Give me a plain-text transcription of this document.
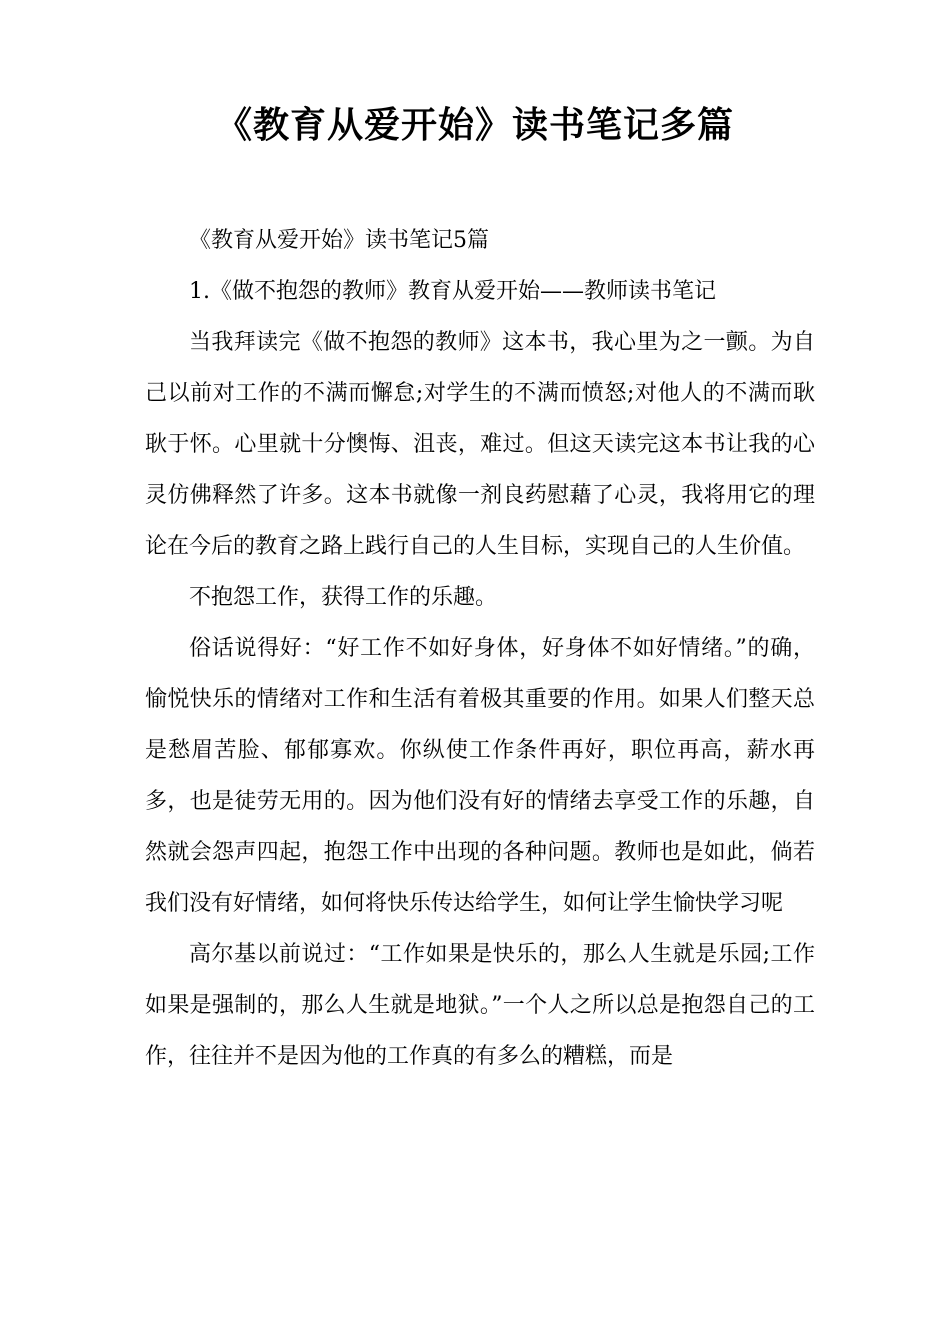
《教育从爱开始》读书笔记多篇

《教育从爱开始》读书笔记5篇

1.《做不抱怨的教师》教育从爱开始——教师读书笔记

当我拜读完《做不抱怨的教师》这本书，我心里为之一颤。为自己以前对工作的不满而懈怠;对学生的不满而愤怒;对他人的不满而耿耿于怀。心里就十分懊悔、沮丧，难过。但这天读完这本书让我的心灵仿佛释然了许多。这本书就像一剂良药慰藉了心灵，我将用它的理论在今后的教育之路上践行自己的人生目标，实现自己的人生价值。

不抱怨工作，获得工作的乐趣。

俗话说得好：“好工作不如好身体，好身体不如好情绪。”的确，愉悦快乐的情绪对工作和生活有着极其重要的作用。如果人们整天总是愁眉苦脸、郁郁寡欢。你纵使工作条件再好，职位再高，薪水再多，也是徒劳无用的。因为他们没有好的情绪去享受工作的乐趣，自然就会怨声四起，抱怨工作中出现的各种问题。教师也是如此，倘若我们没有好情绪，如何将快乐传达给学生，如何让学生愉快学习呢

高尔基以前说过：“工作如果是快乐的，那么人生就是乐园;工作如果是强制的，那么人生就是地狱。”一个人之所以总是抱怨自己的工作，往往并不是因为他的工作真的有多么的糟糕，而是
